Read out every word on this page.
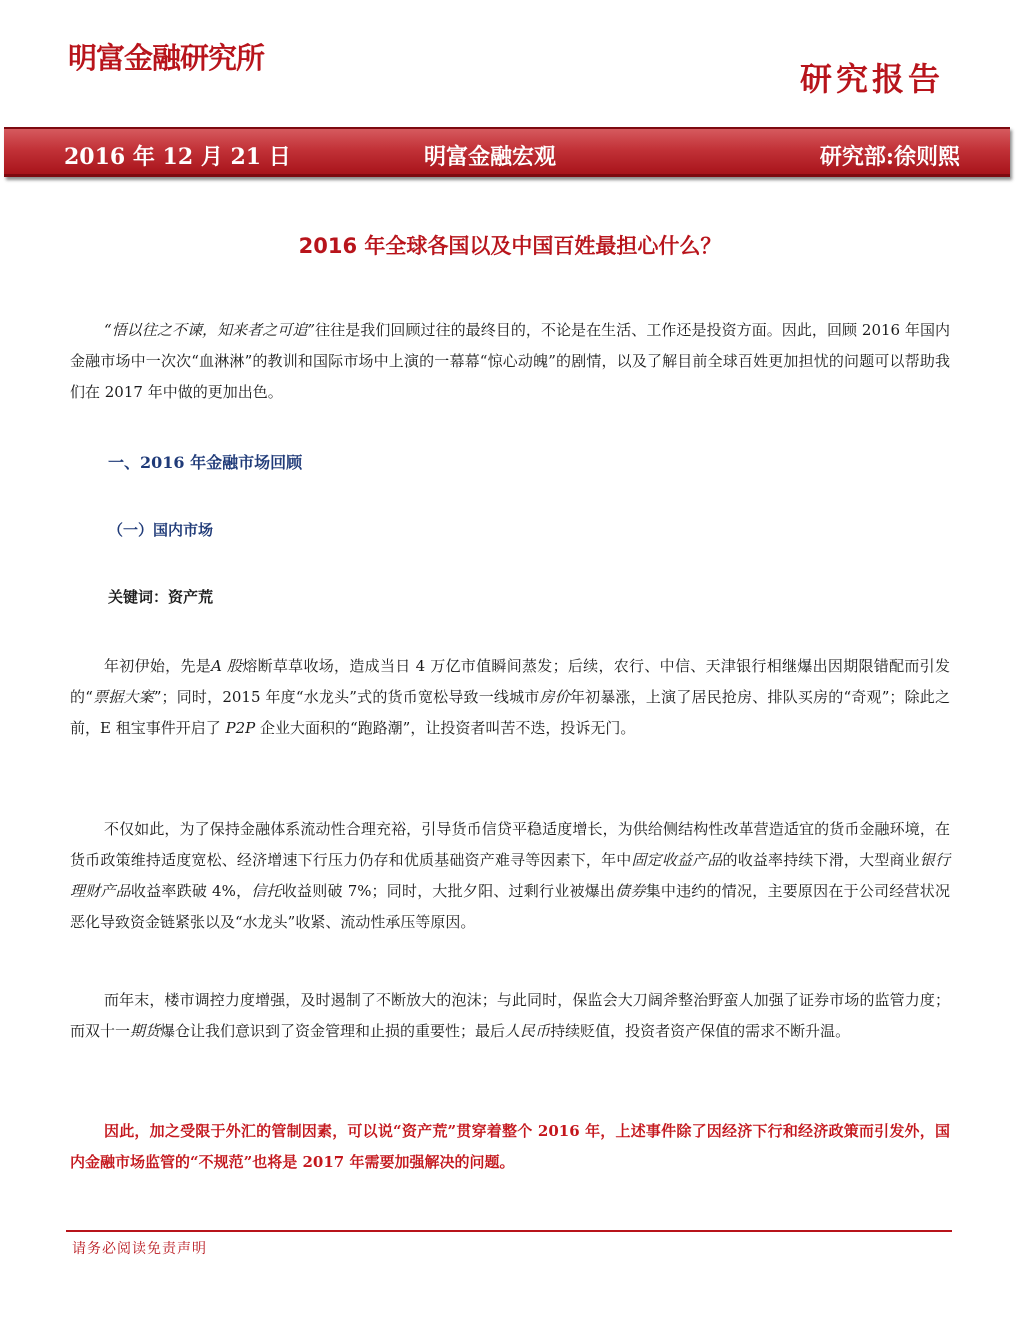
明富金融研究所
研究报告
2016 年 12 月 21 日	明富金融宏观	研究部:徐则熙
2016 年全球各国以及中国百姓最担心什么？

“悟以往之不谏，知来者之可追”往往是我们回顾过往的最终目的，不论是在生活、工作还是投资方面。因此，回顾 2016 年国内金融市场中一次次“血淋淋”的教训和国际市场中上演的一幕幕“惊心动魄”的剧情，以及了解目前全球百姓更加担忧的问题可以帮助我们在 2017 年中做的更加出色。

一、2016 年金融市场回顾
（一）国内市场
关键词：资产荒

年初伊始，先是A 股熔断草草收场，造成当日 4 万亿市值瞬间蒸发；后续，农行、中信、天津银行相继爆出因期限错配而引发的“票据大案”；同时，2015 年度“水龙头”式的货币宽松导致一线城市房价年初暴涨，上演了居民抢房、排队买房的“奇观”；除此之前，E 租宝事件开启了 P2P 企业大面积的“跑路潮”，让投资者叫苦不迭，投诉无门。

不仅如此，为了保持金融体系流动性合理充裕，引导货币信贷平稳适度增长，为供给侧结构性改革营造适宜的货币金融环境，在货币政策维持适度宽松、经济增速下行压力仍存和优质基础资产难寻等因素下，年中固定收益产品的收益率持续下滑，大型商业银行理财产品收益率跌破 4%，信托收益则破 7%；同时，大批夕阳、过剩行业被爆出债券集中违约的情况，主要原因在于公司经营状况恶化导致资金链紧张以及“水龙头”收紧、流动性承压等原因。

而年末，楼市调控力度增强，及时遏制了不断放大的泡沫；与此同时，保监会大刀阔斧整治野蛮人加强了证券市场的监管力度；而双十一期货爆仓让我们意识到了资金管理和止损的重要性；最后人民币持续贬值，投资者资产保值的需求不断升温。

因此，加之受限于外汇的管制因素，可以说“资产荒”贯穿着整个 2016 年，上述事件除了因经济下行和经济政策而引发外，国内金融市场监管的“不规范”也将是 2017 年需要加强解决的问题。

请务必阅读免责声明
